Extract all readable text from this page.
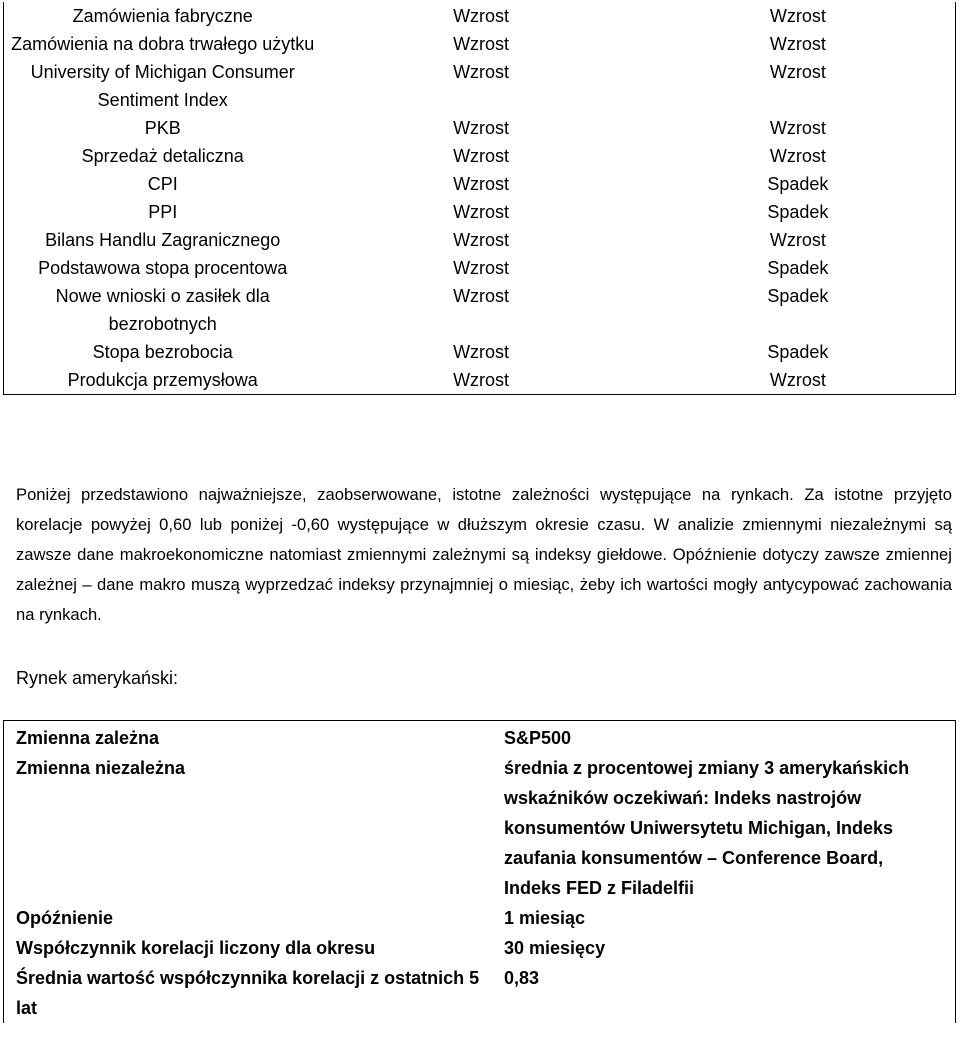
Zamówienia fabryczne	Wzrost	Wzrost
Zamówienia na dobra trwałego użytku	Wzrost	Wzrost
University of Michigan Consumer Sentiment Index	Wzrost	Wzrost
PKB	Wzrost	Wzrost
Sprzedaż detaliczna	Wzrost	Wzrost
CPI	Wzrost	Spadek
PPI	Wzrost	Spadek
Bilans Handlu Zagranicznego	Wzrost	Wzrost
Podstawowa stopa procentowa	Wzrost	Spadek
Nowe wnioski o zasiłek dla bezrobotnych	Wzrost	Spadek
Stopa bezrobocia	Wzrost	Spadek
Produkcja przemysłowa	Wzrost	Wzrost

Poniżej przedstawiono najważniejsze, zaobserwowane, istotne zależności występujące na rynkach. Za istotne przyjęto korelacje powyżej 0,60 lub poniżej -0,60 występujące w dłuższym okresie czasu. W analizie zmiennymi niezależnymi są zawsze dane makroekonomiczne natomiast zmiennymi zależnymi są indeksy giełdowe. Opóźnienie dotyczy zawsze zmiennej zależnej – dane makro muszą wyprzedzać indeksy przynajmniej o miesiąc, żeby ich wartości mogły antycypować zachowania na rynkach.

Rynek amerykański:
Zmienna zależna	S&P500
Zmienna niezależna	średnia z procentowej zmiany 3 amerykańskich wskaźników oczekiwań: Indeks nastrojów konsumentów Uniwersytetu Michigan, Indeks zaufania konsumentów – Conference Board, Indeks FED z Filadelfii
Opóźnienie	1 miesiąc
Współczynnik korelacji liczony dla okresu	30 miesięcy
Średnia wartość współczynnika korelacji z ostatnich 5 lat	0,83
